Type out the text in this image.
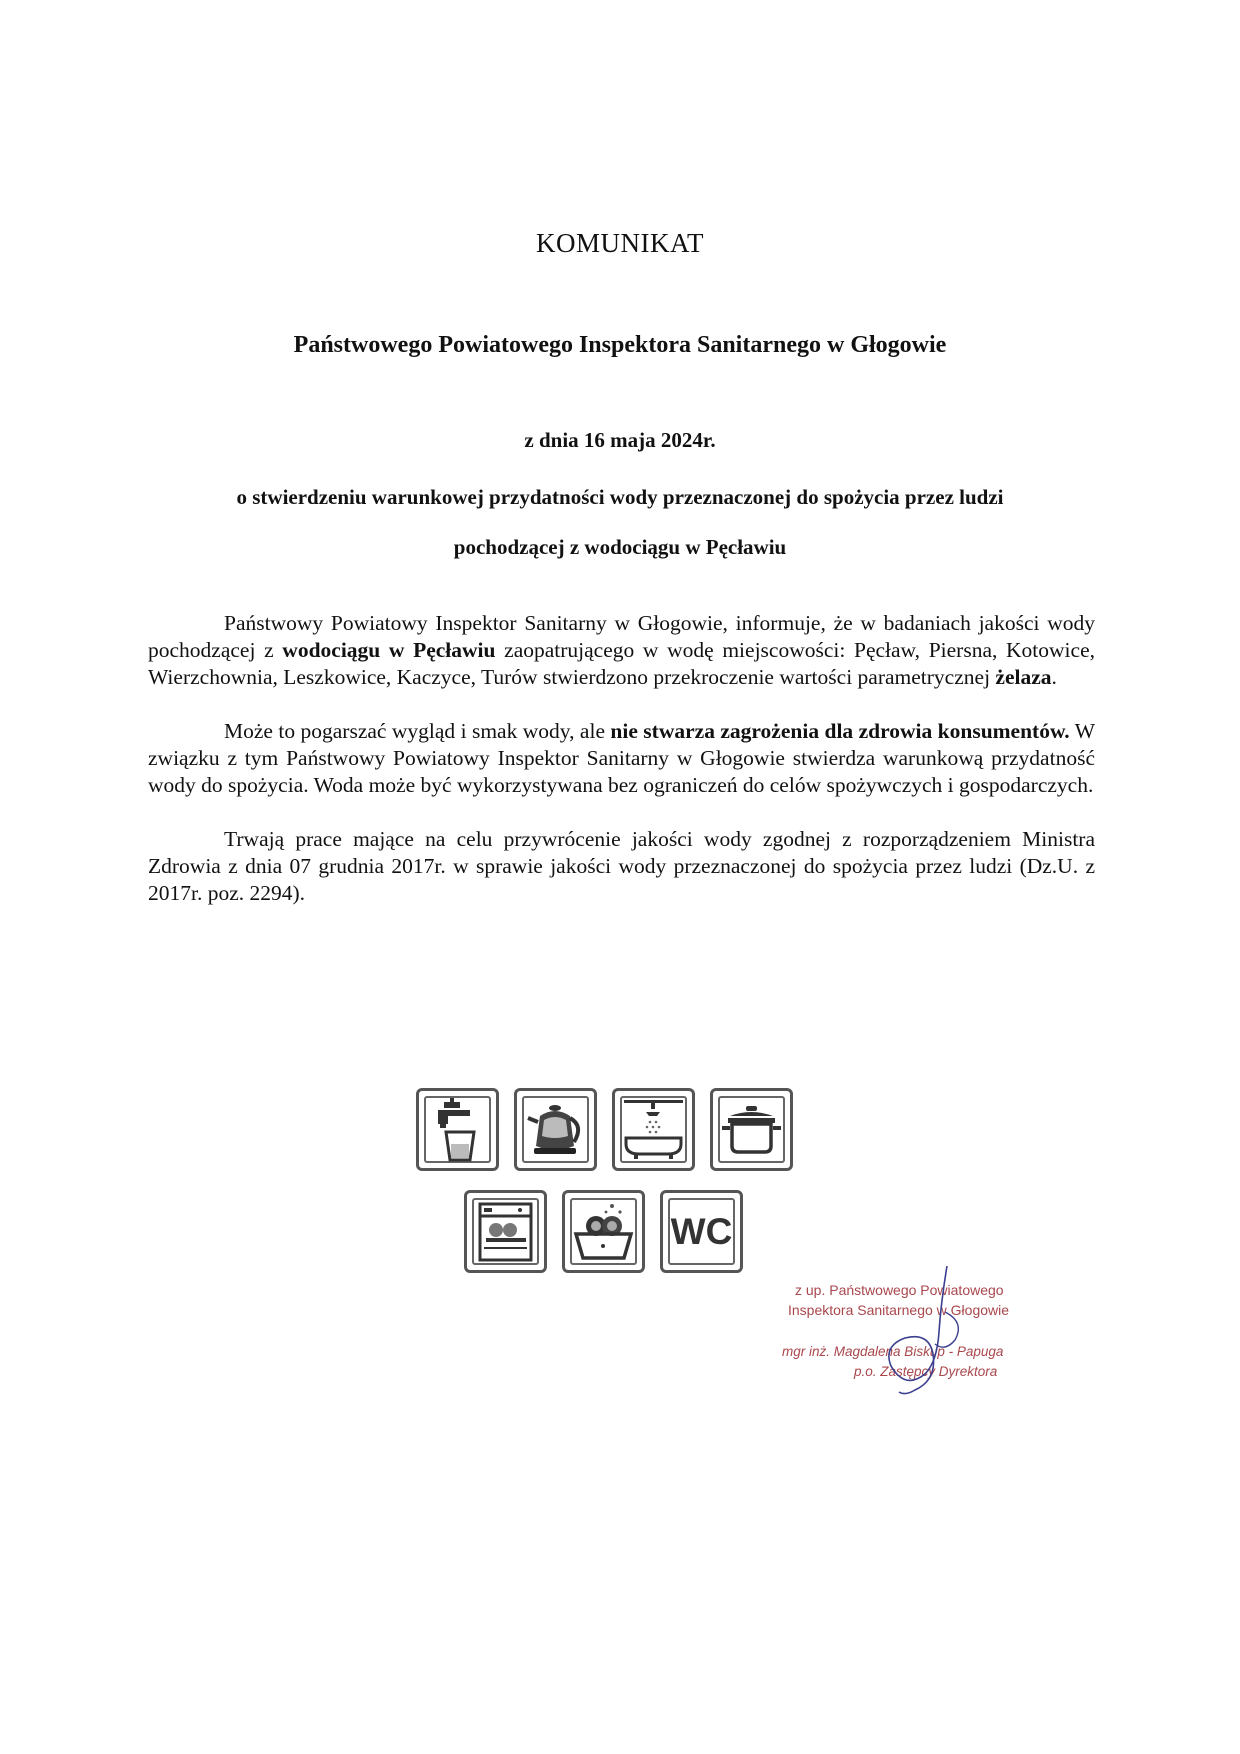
KOMUNIKAT
Państwowego Powiatowego Inspektora Sanitarnego w Głogowie
z dnia 16 maja 2024r.
o stwierdzeniu warunkowej przydatności wody przeznaczonej do spożycia przez ludzi
pochodzącej z wodociągu w Pęcławiu

Państwowy Powiatowy Inspektor Sanitarny w Głogowie, informuje, że w badaniach jakości wody pochodzącej z wodociągu w Pęcławiu zaopatrującego w wodę miejscowości: Pęcław, Piersna, Kotowice, Wierzchownia, Leszkowice, Kaczyce, Turów stwierdzono przekroczenie wartości parametrycznej żelaza.

Może to pogarszać wygląd i smak wody, ale nie stwarza zagrożenia dla zdrowia konsumentów. W związku z tym Państwowy Powiatowy Inspektor Sanitarny w Głogowie stwierdza warunkową przydatność wody do spożycia. Woda może być wykorzystywana bez ograniczeń do celów spożywczych i gospodarczych.

Trwają prace mające na celu przywrócenie jakości wody zgodnej z rozporządzeniem Ministra Zdrowia z dnia 07 grudnia 2017r. w sprawie jakości wody przeznaczonej do spożycia przez ludzi (Dz.U. z 2017r. poz. 2294).

WC
z up. Państwowego Powiatowego
Inspektora Sanitarnego w Głogowie
mgr inż. Magdalena Biskup - Papuga
p.o. Zastępcy Dyrektora
